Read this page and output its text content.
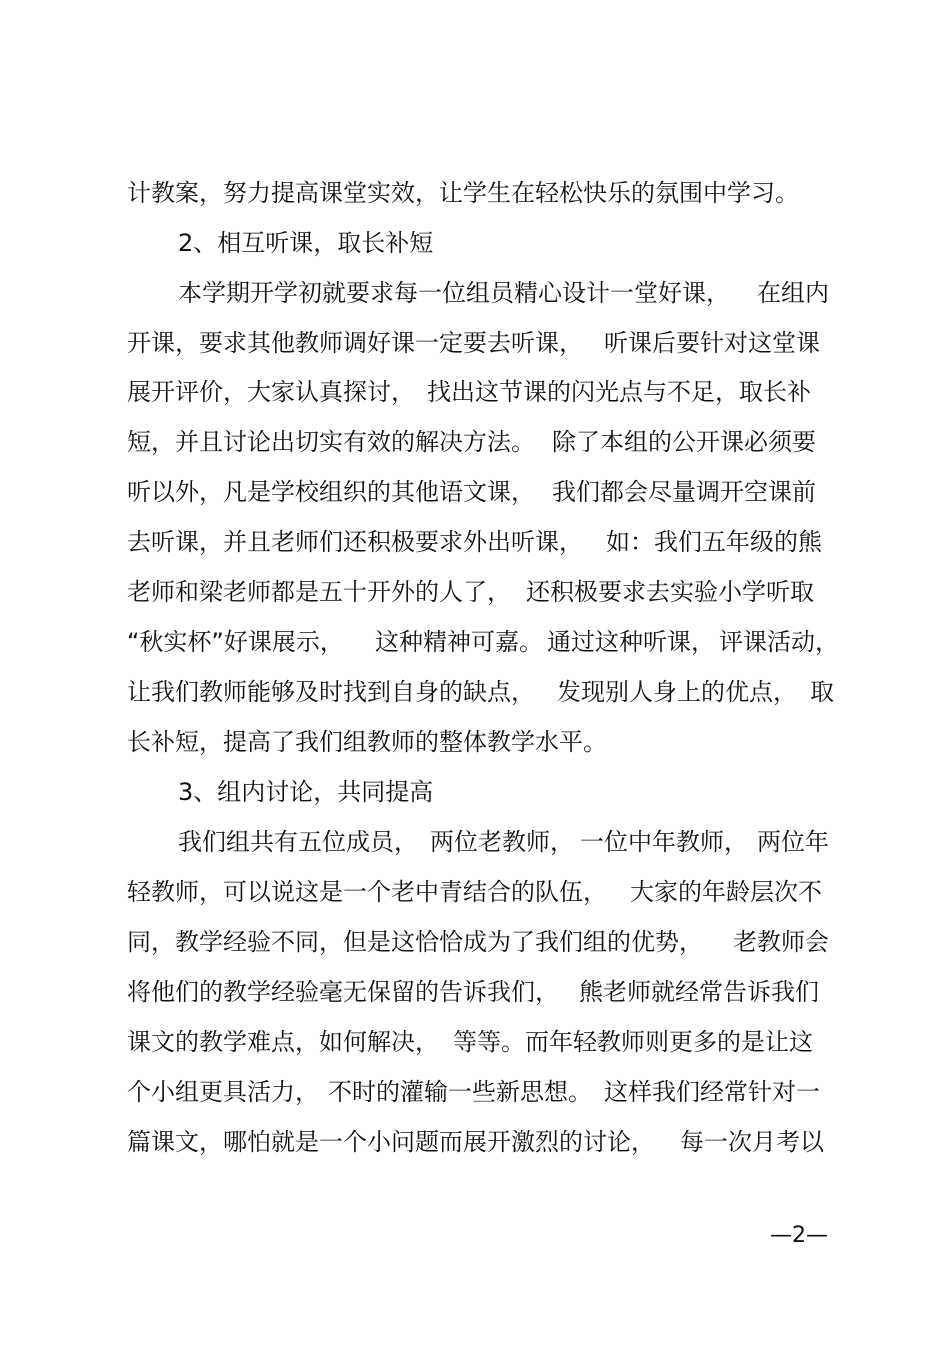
计教案，努力提高课堂实效，让学生在轻松快乐的氛围中学习。

2、相互听课，取长补短

本学期开学初就要求每一位组员精心设计一堂好课，

在组内

开课，要求其他教师调好课一定要去听课，

听课后要针对这堂课

展开评价，大家认真探讨，

找出这节课的闪光点与不足，取长补

短，并且讨论出切实有效的解决方法。

除了本组的公开课必须要

听以外，凡是学校组织的其他语文课，

我们都会尽量调开空课前

去听课，并且老师们还积极要求外出听课，

如：我们五年级的熊

老师和梁老师都是五十开外的人了，

还积极要求去实验小学听取

“秋实杯”好课展示，

这种精神可嘉。

通过这种听课，

评课活动，

让我们教师能够及时找到自身的缺点，

发现别人身上的优点，

取

长补短，提高了我们组教师的整体教学水平。

3、组内讨论，共同提高

我们组共有五位成员，

两位老教师，

一位中年教师，

两位年

轻教师，可以说这是一个老中青结合的队伍，

大家的年龄层次不

同，教学经验不同，但是这恰恰成为了我们组的优势，

老教师会

将他们的教学经验毫无保留的告诉我们，

熊老师就经常告诉我们

课文的教学难点，如何解决，

等等。而年轻教师则更多的是让这

个小组更具活力，

不时的灌输一些新思想。

这样我们经常针对一

篇课文，哪怕就是一个小问题而展开激烈的讨论，

每一次月考以

—2—
